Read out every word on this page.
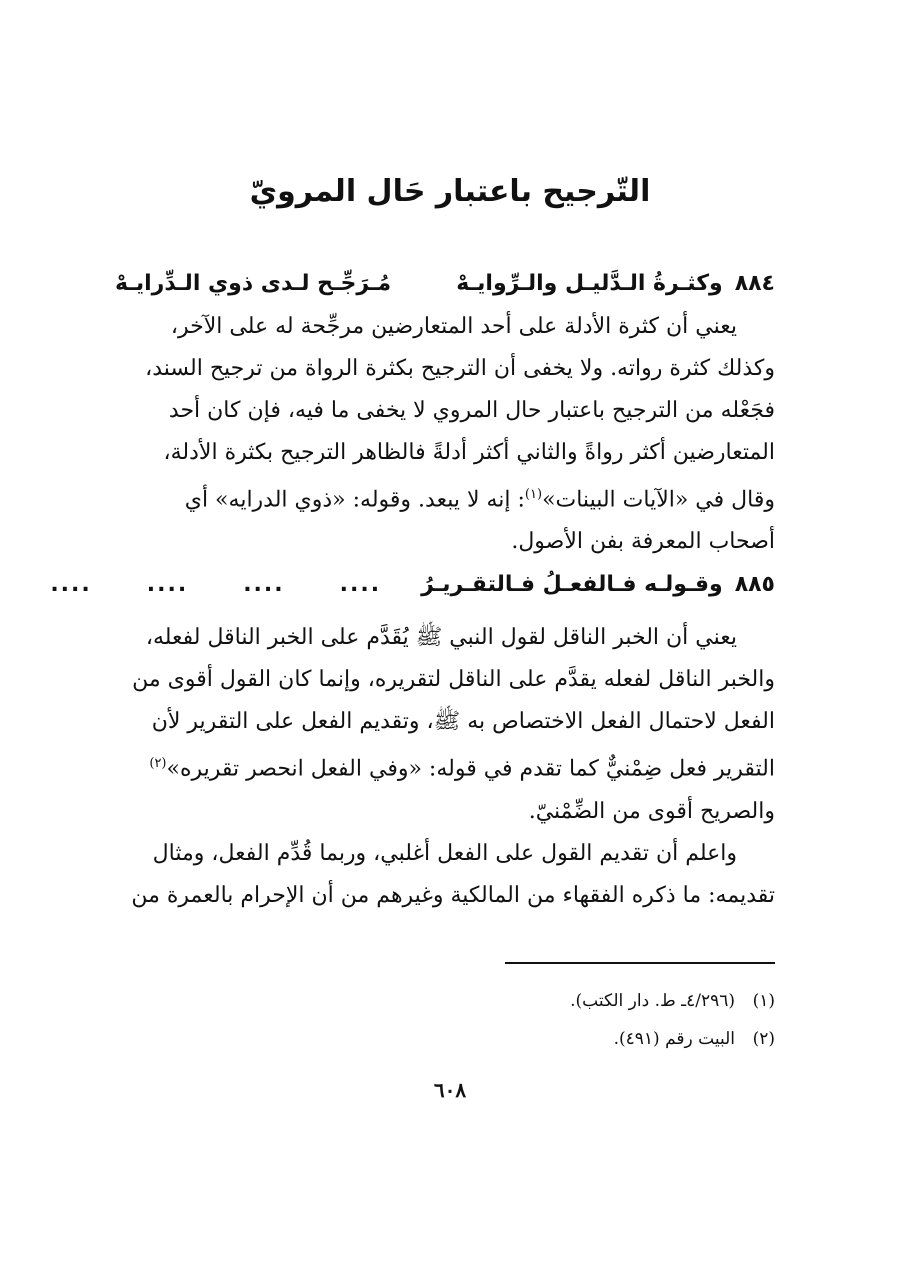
التّرجيح باعتبار حَال المرويّ
٨٨٤
وكثـرةُ الـدَّليـل والـرِّوايـهْ
مُـرَجِّـح لـدى ذوي الـدِّرايـهْ
يعني أن كثرة الأدلة على أحد المتعارضين مرجِّحة له على الآخر،
وكذلك كثرة رواته. ولا يخفى أن الترجيح بكثرة الرواة من ترجيح السند،
فجَعْله من الترجيح باعتبار حال المروي لا يخفى ما فيه، فإن كان أحد
المتعارضين أكثر رواةً والثاني أكثر أدلةً فالظاهر الترجيح بكثرة الأدلة،
وقال في «الآيات البينات»$^{(١)}$: إنه لا يبعد. وقوله: «ذوي الدرايه» أي
أصحاب المعرفة بفن الأصول.
٨٨٥
وقـولـه فـالفعـلُ فـالتقـريـرُ
....
....
....
....
يعني أن الخبر الناقل لقول النبي ﷺ يُقَدَّم على الخبر الناقل لفعله،
والخبر الناقل لفعله يقدَّم على الناقل لتقريره، وإنما كان القول أقوى من
الفعل لاحتمال الفعل الاختصاص به ﷺ، وتقديم الفعل على التقرير لأن
التقرير فعل ضِمْنيٌّ كما تقدم في قوله: «وفي الفعل انحصر تقريره»$^{(٢)}$
والصريح أقوى من الضِّمْنيّ.
واعلم أن تقديم القول على الفعل أغلبي، وربما قُدِّم الفعل، ومثال
تقديمه: ما ذكره الفقهاء من المالكية وغيرهم من أن الإحرام بالعمرة من
(١)
(٤/٢٩٦ـ ط. دار الكتب).
(٢)
البيت رقم (٤٩١).
٦٠٨
